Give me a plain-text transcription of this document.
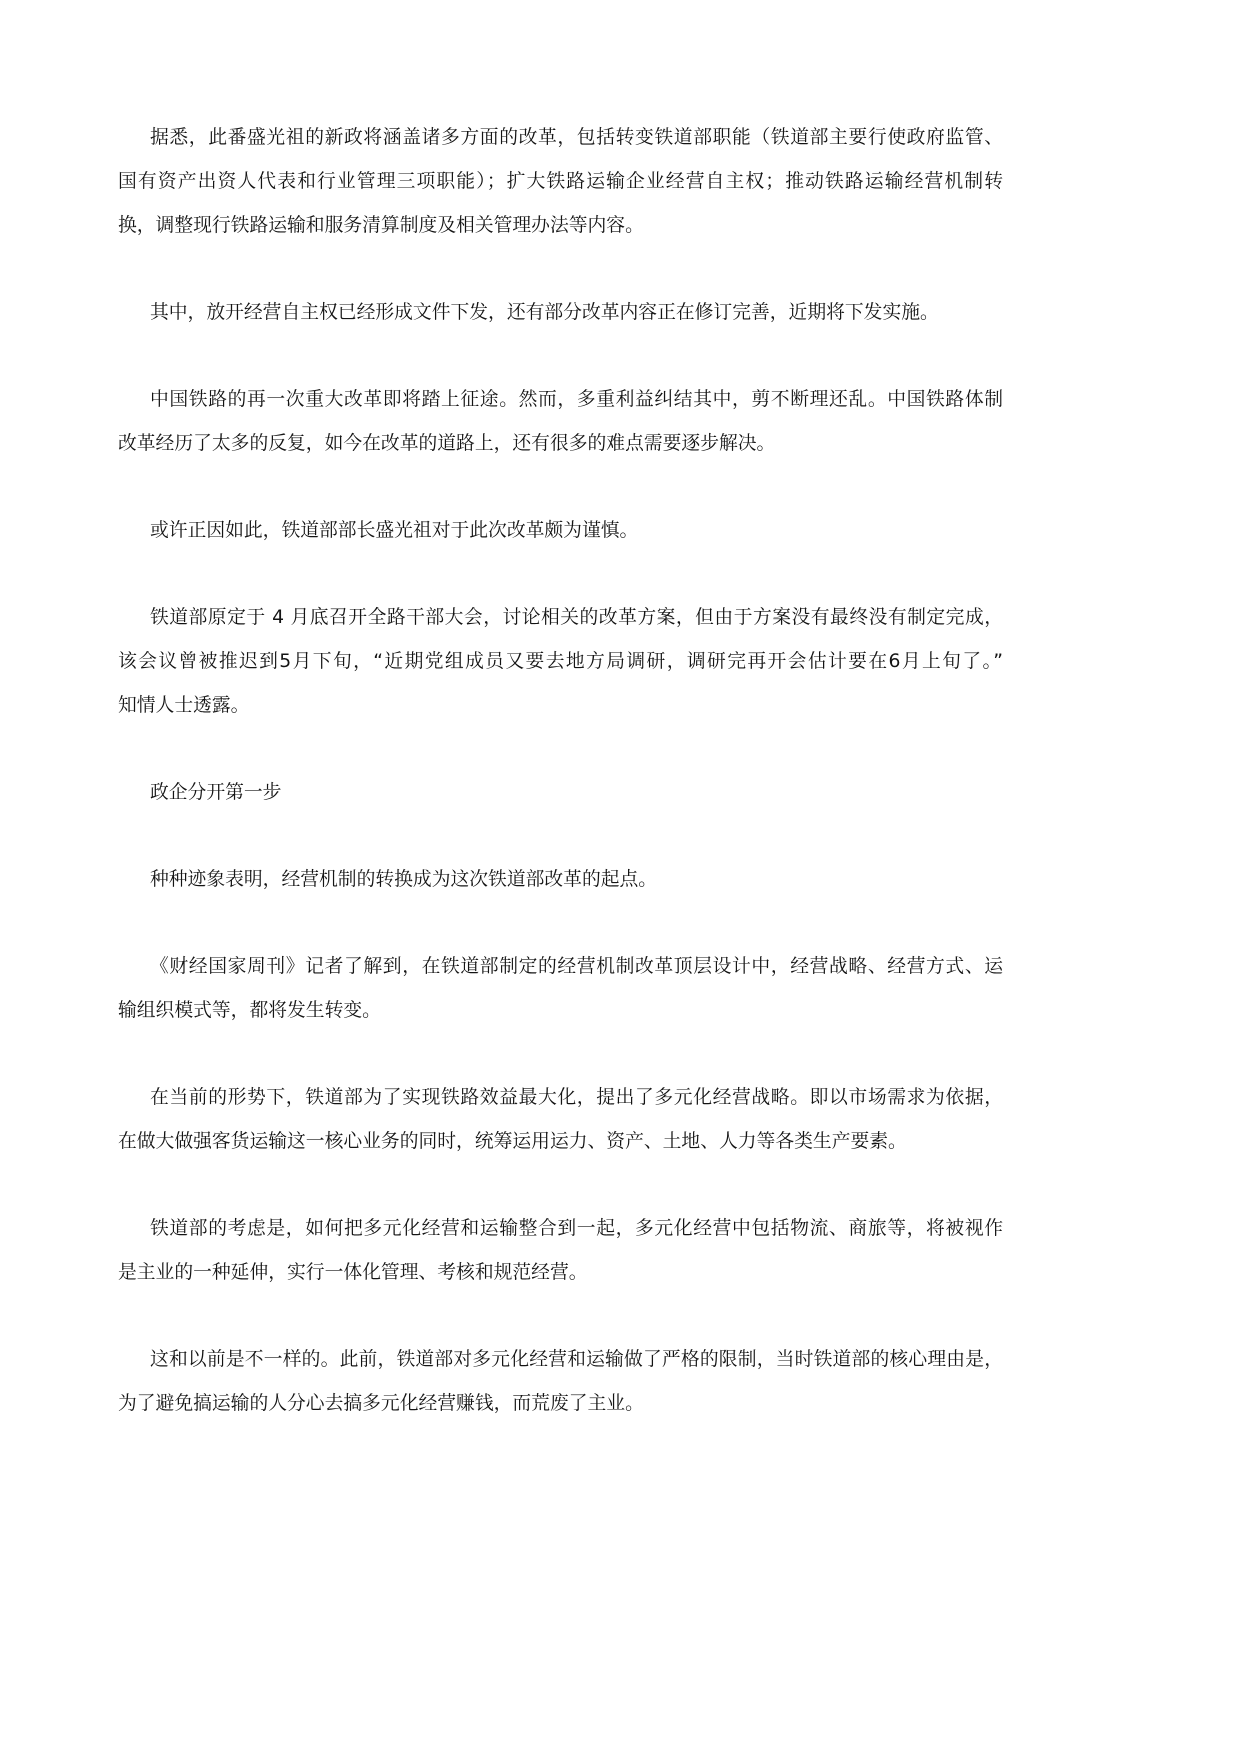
据悉，此番盛光祖的新政将涵盖诸多方面的改革，包括转变铁道部职能（铁道部主要行使政府监管、
国有资产出资人代表和行业管理三项职能）；扩大铁路运输企业经营自主权；推动铁路运输经营机制转
换，调整现行铁路运输和服务清算制度及相关管理办法等内容。

其中，放开经营自主权已经形成文件下发，还有部分改革内容正在修订完善，近期将下发实施。

中国铁路的再一次重大改革即将踏上征途。然而，多重利益纠结其中，剪不断理还乱。中国铁路体制
改革经历了太多的反复，如今在改革的道路上，还有很多的难点需要逐步解决。

或许正因如此，铁道部部长盛光祖对于此次改革颇为谨慎。

铁道部原定于 4 月底召开全路干部大会，讨论相关的改革方案，但由于方案没有最终没有制定完成，
该会议曾被推迟到5月下旬，“近期党组成员又要去地方局调研，调研完再开会估计要在6月上旬了。”
知情人士透露。

政企分开第一步

种种迹象表明，经营机制的转换成为这次铁道部改革的起点。

《财经国家周刊》记者了解到，在铁道部制定的经营机制改革顶层设计中，经营战略、经营方式、运
输组织模式等，都将发生转变。

在当前的形势下，铁道部为了实现铁路效益最大化，提出了多元化经营战略。即以市场需求为依据，
在做大做强客货运输这一核心业务的同时，统筹运用运力、资产、土地、人力等各类生产要素。

铁道部的考虑是，如何把多元化经营和运输整合到一起，多元化经营中包括物流、商旅等，将被视作
是主业的一种延伸，实行一体化管理、考核和规范经营。

这和以前是不一样的。此前，铁道部对多元化经营和运输做了严格的限制，当时铁道部的核心理由是，
为了避免搞运输的人分心去搞多元化经营赚钱，而荒废了主业。
